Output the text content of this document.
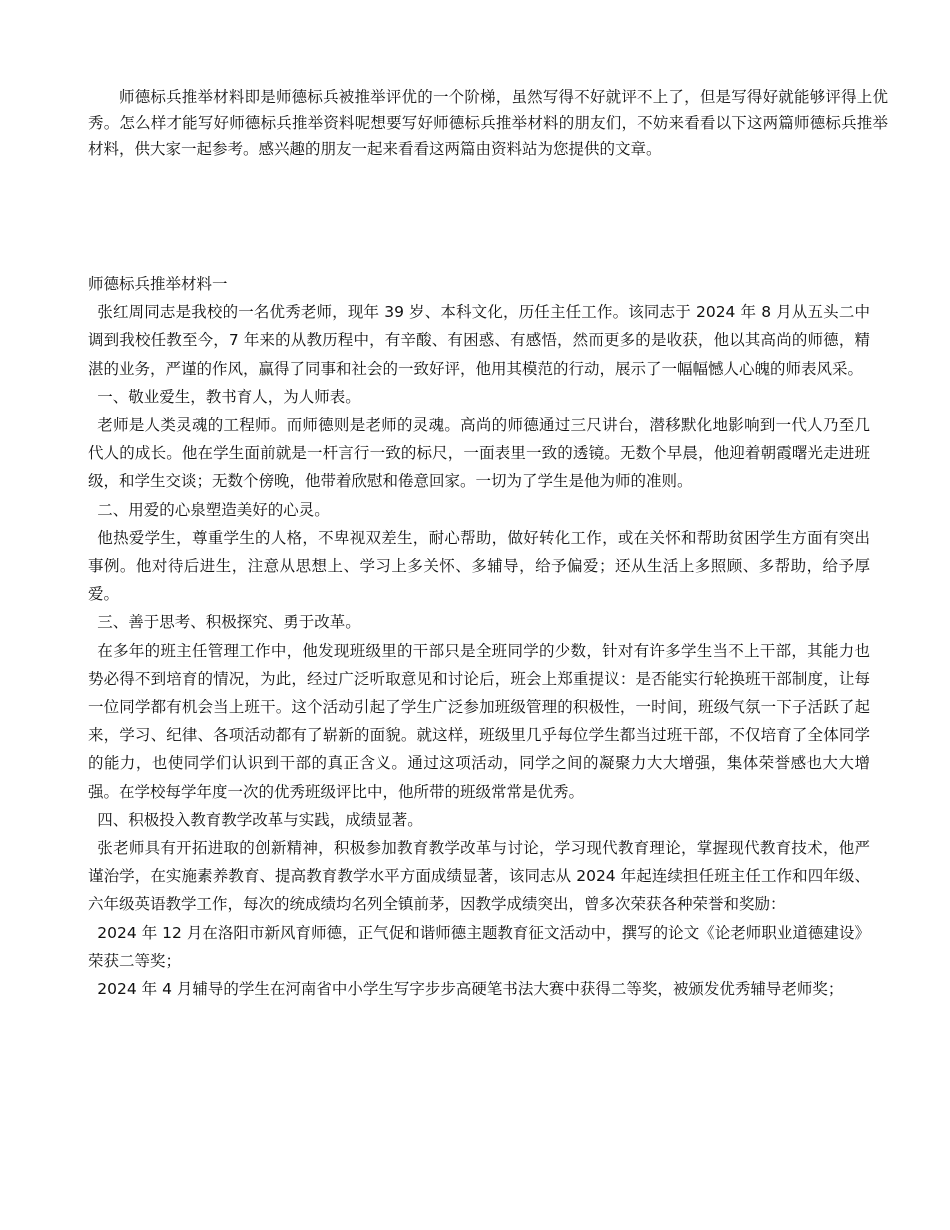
师德标兵推举材料即是师德标兵被推举评优的一个阶梯，虽然写得不好就评不上了，但是写得好就能够评得上优秀。怎么样才能写好师德标兵推举资料呢想要写好师德标兵推举材料的朋友们，不妨来看看以下这两篇师德标兵推举材料，供大家一起参考。感兴趣的朋友一起来看看这两篇由资料站为您提供的文章。

师德标兵推举材料一

张红周同志是我校的一名优秀老师，现年 39 岁、本科文化，历任主任工作。该同志于 2024 年 8 月从五头二中调到我校任教至今，7 年来的从教历程中，有辛酸、有困惑、有感悟，然而更多的是收获，他以其高尚的师德，精湛的业务，严谨的作风，赢得了同事和社会的一致好评，他用其模范的行动，展示了一幅幅憾人心魄的师表风采。

一、敬业爱生，教书育人，为人师表。

老师是人类灵魂的工程师。而师德则是老师的灵魂。高尚的师德通过三尺讲台，潜移默化地影响到一代人乃至几代人的成长。他在学生面前就是一杆言行一致的标尺，一面表里一致的透镜。无数个早晨，他迎着朝霞曙光走进班级，和学生交谈；无数个傍晚，他带着欣慰和倦意回家。一切为了学生是他为师的准则。

二、用爱的心泉塑造美好的心灵。

他热爱学生，尊重学生的人格，不卑视双差生，耐心帮助，做好转化工作，或在关怀和帮助贫困学生方面有突出事例。他对待后进生，注意从思想上、学习上多关怀、多辅导，给予偏爱；还从生活上多照顾、多帮助，给予厚爱。

三、善于思考、积极探究、勇于改革。

在多年的班主任管理工作中，他发现班级里的干部只是全班同学的少数，针对有许多学生当不上干部，其能力也势必得不到培育的情况，为此，经过广泛听取意见和讨论后，班会上郑重提议：是否能实行轮换班干部制度，让每一位同学都有机会当上班干。这个活动引起了学生广泛参加班级管理的积极性，一时间，班级气氛一下子活跃了起来，学习、纪律、各项活动都有了崭新的面貌。就这样，班级里几乎每位学生都当过班干部，不仅培育了全体同学的能力，也使同学们认识到干部的真正含义。通过这项活动，同学之间的凝聚力大大增强，集体荣誉感也大大增强。在学校每学年度一次的优秀班级评比中，他所带的班级常常是优秀。

四、积极投入教育教学改革与实践，成绩显著。

张老师具有开拓进取的创新精神，积极参加教育教学改革与讨论，学习现代教育理论，掌握现代教育技术，他严谨治学，在实施素养教育、提高教育教学水平方面成绩显著，该同志从 2024 年起连续担任班主任工作和四年级、六年级英语教学工作，每次的统成绩均名列全镇前茅，因教学成绩突出，曾多次荣获各种荣誉和奖励：

2024 年 12 月在洛阳市新风育师德，正气促和谐师德主题教育征文活动中，撰写的论文《论老师职业道德建设》荣获二等奖；

2024 年 4 月辅导的学生在河南省中小学生写字步步高硬笔书法大赛中获得二等奖，被颁发优秀辅导老师奖；
